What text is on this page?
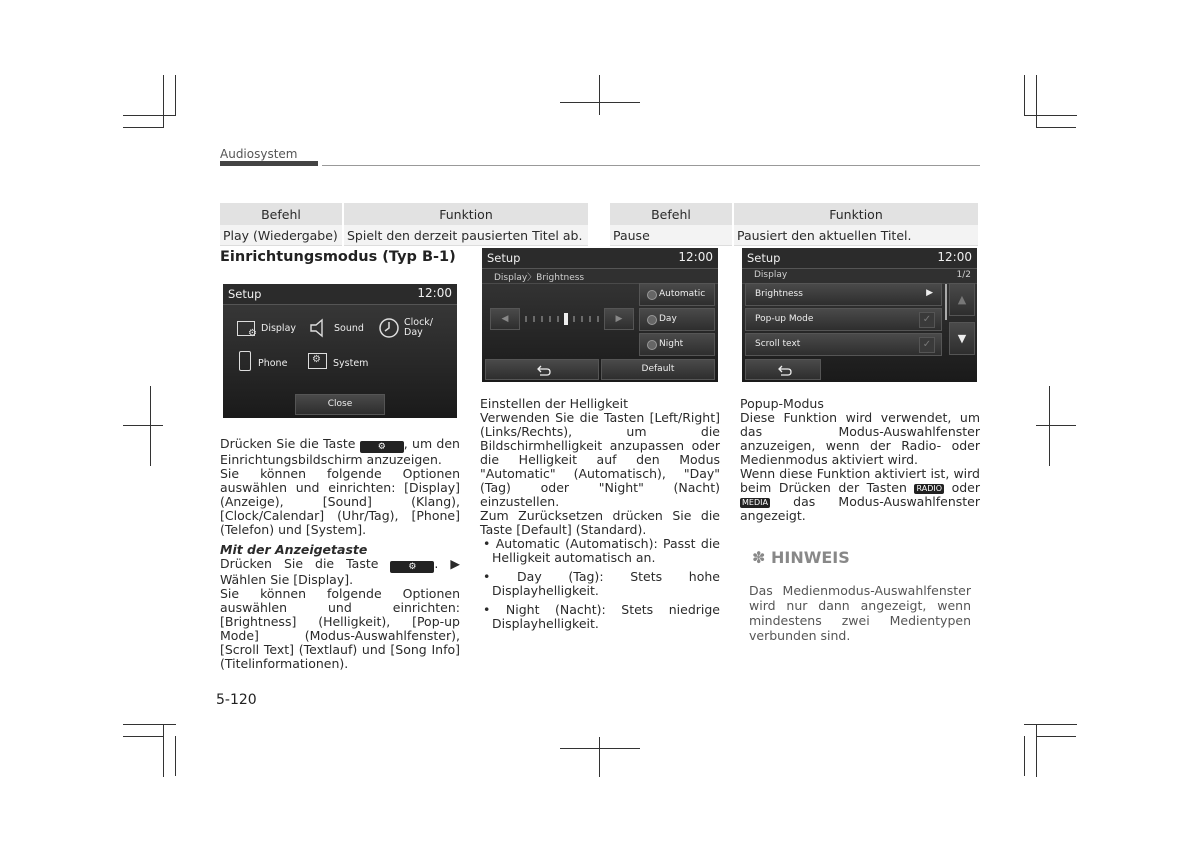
Audiosystem
Befehl	Funktion
Play (Wiedergabe)	Spielt den derzeit pausierten Titel ab.
Befehl	Funktion
Pause	Pausiert den aktuellen Titel.
Einrichtungsmodus (Typ B-1)
Setup	12:00
⚙ Display	Sound
Clock/
Day
Phone ⚙ System
Close
Setup	12:00
Display〉Brightness
◀	▶
Automatic
Day
Night
Default
Setup	12:00
Display	1/2
Brightness	▶
Pop-up Mode	✓
Scroll text	✓
▲
▼

Drücken Sie die Taste ⚙ , um den Einrichtungsbildschirm anzuzeigen.

Sie können folgende Optionen auswählen und einrichten: [Display] (Anzeige), [Sound] (Klang), [Clock/Calendar] (Uhr/Tag), [Phone] (Telefon) und [System].

Mit der Anzeigetaste

Drücken Sie die Taste	⚙ . ▶ Wählen Sie [Display].

Sie können folgende Optionen auswählen und einrichten: [Brightness] (Helligkeit), [Pop-up Mode] (Modus-Auswahlfenster), [Scroll Text] (Textlauf) und [Song Info] (Titelinformationen).

Einstellen der Helligkeit

Verwenden Sie die Tasten [Left/Right] (Links/Rechts), um die Bildschirmhelligkeit anzupassen oder die Helligkeit auf den Modus "Automatic" (Automatisch), "Day" (Tag) oder "Night" (Nacht) einzustellen.

Zum Zurücksetzen drücken Sie die Taste [Default] (Standard).

• Automatic (Automatisch): Passt die Helligkeit automatisch an.

• Day (Tag): Stets hohe Displayhelligkeit.

• Night (Nacht): Stets niedrige Displayhelligkeit.

Popup-Modus

Diese Funktion wird verwendet, um das Modus-Auswahlfenster anzuzeigen, wenn der Radio- oder Medienmodus aktiviert wird.

Wenn diese Funktion aktiviert ist, wird beim Drücken der Tasten RADIO oder MEDIA das Modus-Auswahlfenster angezeigt.

✽ HINWEIS
Das Medienmodus-Auswahlfenster wird nur dann angezeigt, wenn mindestens zwei Medientypen verbunden sind.
5-120
